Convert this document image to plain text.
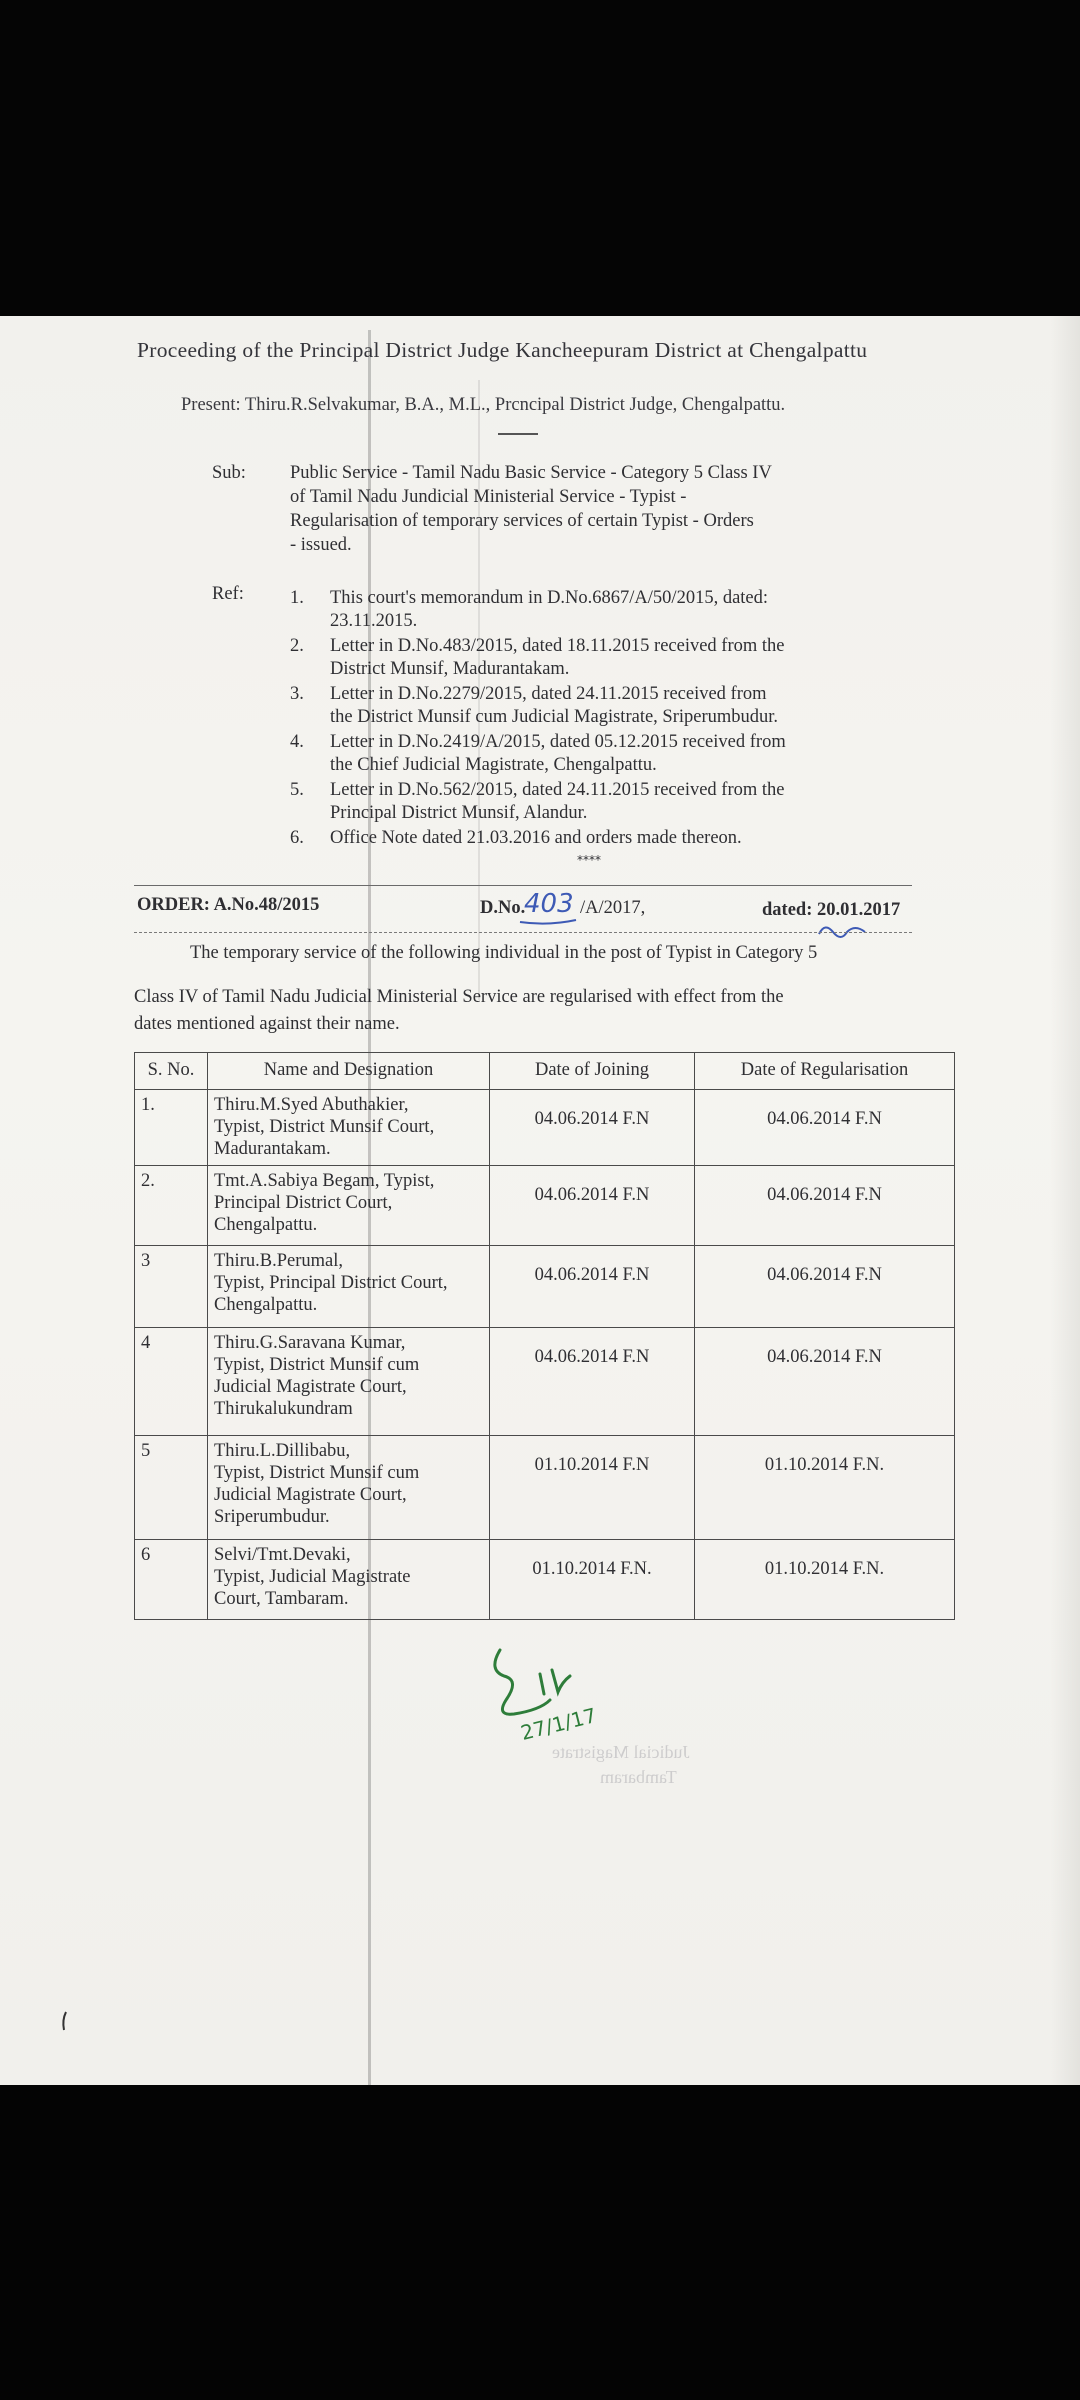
Proceeding of the Principal District Judge Kancheepuram District at Chengalpattu
Present: Thiru.R.Selvakumar, B.A., M.L., Prcncipal District Judge, Chengalpattu.
Sub: Public Service - Tamil Nadu Basic Service - Category 5 Class IV
of Tamil Nadu Jundicial Ministerial Service - Typist -
Regularisation of temporary services of certain Typist - Orders
- issued.
Ref: 1. This court's memorandum in D.No.6867/A/50/2015, dated:
23.11.2015.
2. Letter in D.No.483/2015, dated 18.11.2015 received from the
District Munsif, Madurantakam.
3. Letter in D.No.2279/2015, dated 24.11.2015 received from
the District Munsif cum Judicial Magistrate, Sriperumbudur.
4. Letter in D.No.2419/A/2015, dated 05.12.2015 received from
the Chief Judicial Magistrate, Chengalpattu.
5. Letter in D.No.562/2015, dated 24.11.2015 received from the
Principal District Munsif, Alandur.
6. Office Note dated 21.03.2016 and orders made thereon.
****
ORDER: A.No.48/2015	D.No.
403 /A/2017,	dated: 20.01.2017
The temporary service of the following individual in the post of Typist in Category 5
Class IV of Tamil Nadu Judicial Ministerial Service are regularised with effect from the
dates mentioned against their name.
S. No.	Name and Designation	Date of Joining	Date of Regularisation
1.	Thiru.M.Syed Abuthakier,
Typist, District Munsif Court,
Madurantakam.	04.06.2014 F.N	04.06.2014 F.N
2.	Tmt.A.Sabiya Begam, Typist,
Principal District Court,
Chengalpattu.	04.06.2014 F.N	04.06.2014 F.N
3	Thiru.B.Perumal,
Typist, Principal District Court,
Chengalpattu.	04.06.2014 F.N	04.06.2014 F.N
4	Thiru.G.Saravana Kumar,
Typist, District Munsif cum
Judicial Magistrate Court,
Thirukalukundram	04.06.2014 F.N	04.06.2014 F.N
5	Thiru.L.Dillibabu,
Typist, District Munsif cum
Judicial Magistrate Court,
Sriperumbudur.	01.10.2014 F.N	01.10.2014 F.N.
6	Selvi/Tmt.Devaki,
Typist, Judicial Magistrate
Court, Tambaram.	01.10.2014 F.N.	01.10.2014 F.N.
27/1/17
Judicial Magistrate
Tambaram
